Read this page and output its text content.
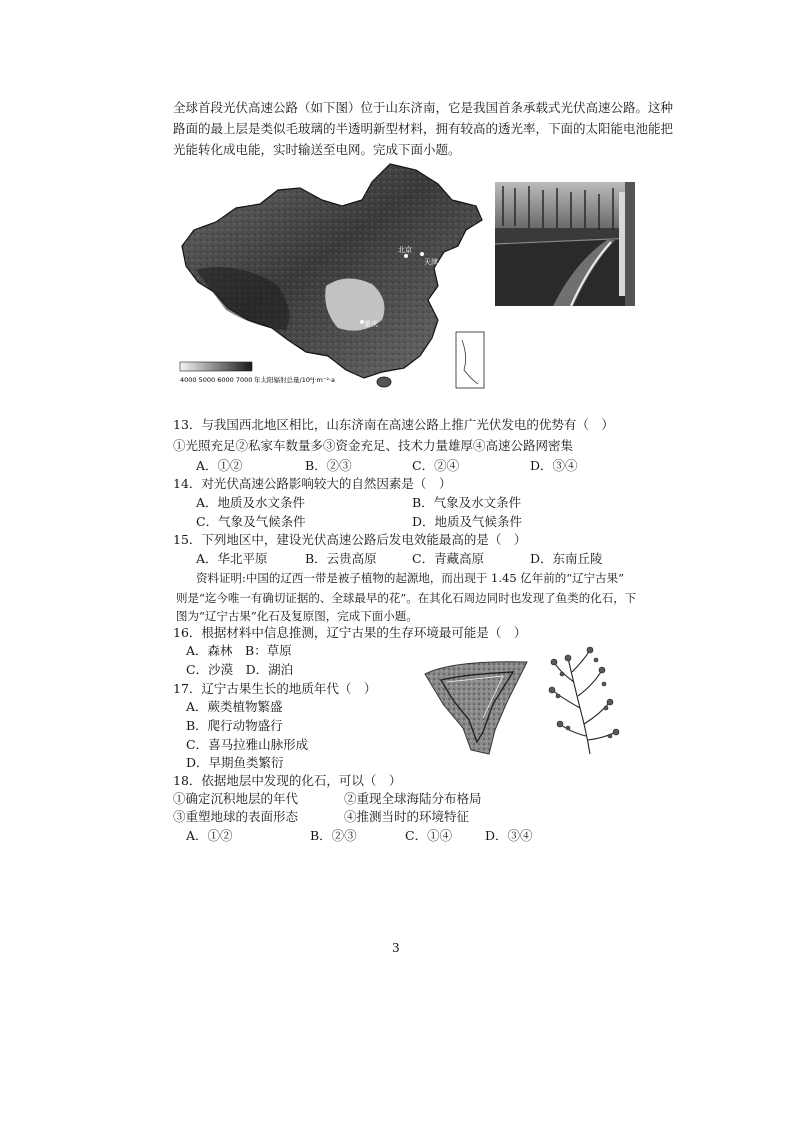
全球首段光伏高速公路（如下图）位于山东济南，它是我国首条承载式光伏高速公路。这种
路面的最上层是类似毛玻璃的半透明新型材料，拥有较高的透光率，下面的太阳能电池能把
光能转化成电能，实时输送至电网。完成下面小题。
北京
天津
上海
重庆
4000 5000 6000 7000 年太阳辐射总量/10⁶J·m⁻²·a
13．与我国西北地区相比，山东济南在高速公路上推广光伏发电的优势有（　）
①光照充足②私家车数量多③资金充足、技术力量雄厚④高速公路网密集
A．①②	B．②③	C．②④	D．③④
14．对光伏高速公路影响较大的自然因素是（　）
A．地质及水文条件	B．气象及水文条件
C．气象及气候条件	D．地质及气候条件
15．下列地区中，建设光伏高速公路后发电效能最高的是（　）
A．华北平原	B．云贵高原	C．青藏高原	D．东南丘陵
资料证明:中国的辽西一带是被子植物的起源地，而出现于 1.45 亿年前的“辽宁古果”
则是“迄今唯一有确切证据的、全球最早的花”。在其化石周边同时也发现了鱼类的化石，下
图为“辽宁古果”化石及复原图，完成下面小题。
16．根据材料中信息推测，辽宁古果的生存环境最可能是（　）
A．森林　B：草原
C．沙漠　D．湖泊
17．辽宁古果生长的地质年代（　）
A．蕨类植物繁盛
B．爬行动物盛行
C．喜马拉雅山脉形成
D．早期鱼类繁衍
18．依据地层中发现的化石，可以（　）
①确定沉积地层的年代	②重现全球海陆分布格局
③重塑地球的表面形态	④推测当时的环境特征
A．①②	B．②③	C．①④	D．③④
3
